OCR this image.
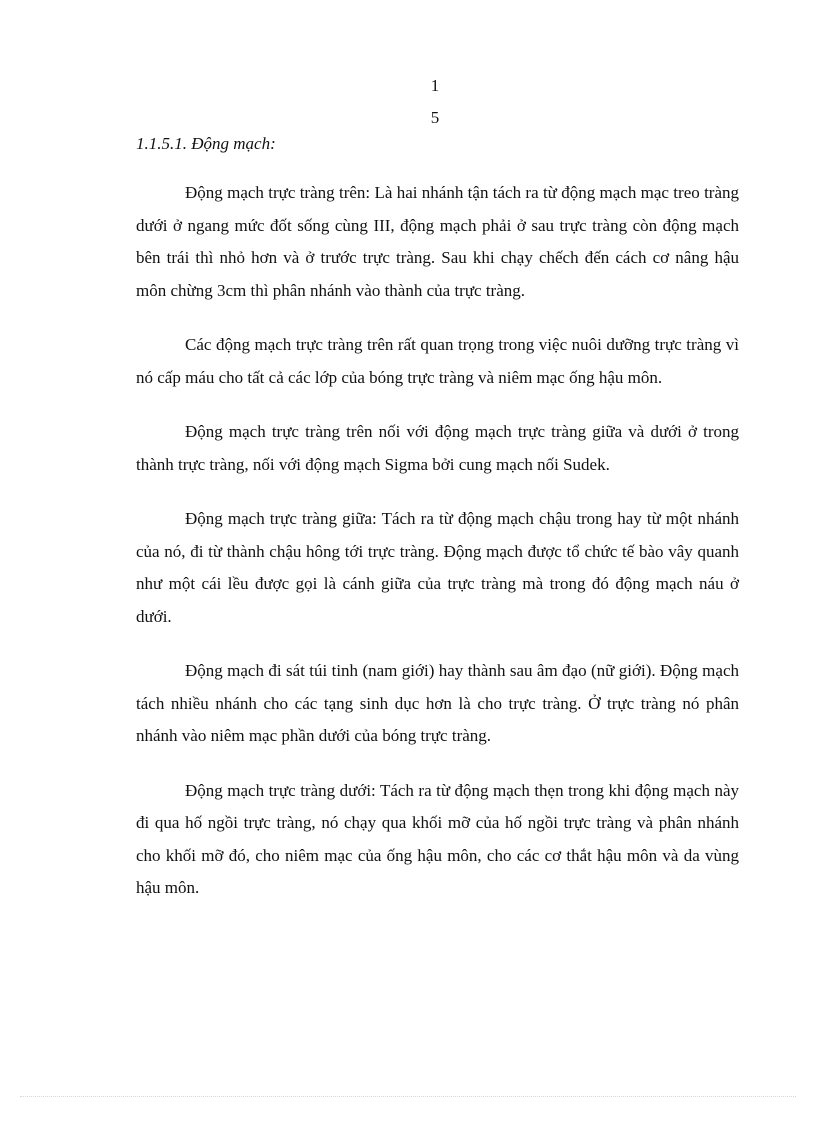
1
5
1.1.5.1. Động mạch:

Động mạch trực tràng trên: Là hai nhánh tận tách ra từ động mạch mạc treo tràng dưới ở ngang mức đốt sống cùng III, động mạch phải ở sau trực tràng còn động mạch bên trái thì nhỏ hơn và ở trước trực tràng. Sau khi chạy chếch đến cách cơ nâng hậu môn chừng 3cm thì phân nhánh vào thành của trực tràng.

Các động mạch trực tràng trên rất quan trọng trong việc nuôi dưỡng trực tràng vì nó cấp máu cho tất cả các lớp của bóng trực tràng và niêm mạc ống hậu môn.

Động mạch trực tràng trên nối với động mạch trực tràng giữa và dưới ở trong thành trực tràng, nối với động mạch Sigma bởi cung mạch nối Sudek.

Động mạch trực tràng giữa: Tách ra từ động mạch chậu trong hay từ một nhánh của nó, đi từ thành chậu hông tới trực tràng. Động mạch được tổ chức tế bào vây quanh như một cái lều được gọi là cánh giữa của trực tràng mà trong đó động mạch náu ở dưới.

Động mạch đi sát túi tinh (nam giới) hay thành sau âm đạo (nữ giới). Động mạch tách nhiều nhánh cho các tạng sinh dục hơn là cho trực tràng. Ở trực tràng nó phân nhánh vào niêm mạc phần dưới của bóng trực tràng.

Động mạch trực tràng dưới: Tách ra từ động mạch thẹn trong khi động mạch này đi qua hố ngồi trực tràng, nó chạy qua khối mỡ của hố ngồi trực tràng và phân nhánh cho khối mỡ đó, cho niêm mạc của ống hậu môn, cho các cơ thắt hậu môn và da vùng hậu môn.
